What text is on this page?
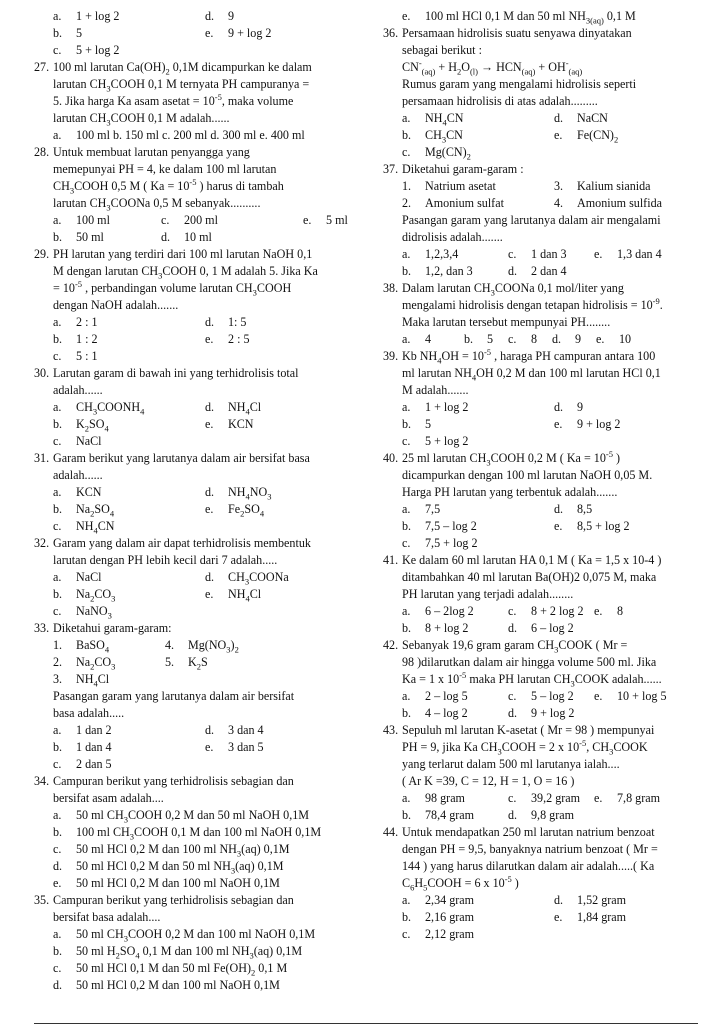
a.	1 + log 2	d.	9
b.	5	e.	9 + log 2
c.	5 + log 2
27. 100 ml larutan $Ca(OH)_2$ 0,1M dicampurkan ke dalam
larutan $CH_3COOH$ 0,1 M ternyata PH campuranya =
5. Jika harga Ka asam asetat = $10^{-5}$, maka volume
larutan $CH_3COOH$ 0,1 M adalah......
a.	100 ml b. 150 ml c. 200 ml d. 300 ml e. 400 ml
28. Untuk membuat larutan penyangga yang
memepunyai PH = 4, ke dalam 100 ml larutan
$CH_3COOH$ 0,5 M ( $Ka = 10^{-5}$ ) harus di tambah
larutan $CH_3COONa$ 0,5 M sebanyak..........
a.	100 ml	c.	200 ml	e.	5 ml
b.	50 ml	d.	10 ml
29. PH larutan yang terdiri dari 100 ml larutan NaOH 0,1
M dengan larutan $CH_3COOH$ 0, 1 M adalah 5. Jika Ka
= $10^{-5}$ , perbandingan volume larutan $CH_3COOH$
dengan NaOH adalah.......
a.	2 : 1	d.	1: 5
b.	1 : 2	e.	2 : 5
c.	5 : 1
30. Larutan garam di bawah ini yang terhidrolisis total
adalah......
a.	$CH_3COONH_4$	d.	$NH_4Cl$
b.	$K_2SO_4$	e.	KCN
c.	NaCl
31. Garam berikut yang larutanya dalam air bersifat basa
adalah......
a.	KCN	d.	$NH_4NO_3$
b.	$Na_2SO_4$	e.	$Fe_2SO_4$
c.	$NH_4CN$
32. Garam yang dalam air dapat terhidrolisis membentuk
larutan dengan PH lebih kecil dari 7 adalah.....
a.	NaCl	d.	$CH_3COONa$
b.	$Na_2CO_3$	e.	$NH_4Cl$
c.	NaNO$_3$
33. Diketahui garam-garam:
1.	BaSO$_4$	4.	$Mg(NO_3)_2$
2.	$Na_2CO_3$	5.	$K_2S$
3.	$NH_4Cl$
Pasangan garam yang larutanya dalam air bersifat
basa adalah.....
a.	1 dan 2	d.	3 dan 4
b.	1 dan 4	e.	3 dan 5
c.	2 dan 5
34. Campuran berikut yang terhidrolisis sebagian dan
bersifat asam adalah....
a.	50 ml $CH_3COOH$ 0,2 M dan 50 ml NaOH 0,1M
b.	100 ml $CH_3COOH$ 0,1 M dan 100 ml NaOH 0,1M
c.	50 ml HCl 0,2 M dan 100 ml $NH_3(aq)$ 0,1M
d.	50 ml HCl 0,2 M dan 50 ml $NH_3(aq)$ 0,1M
e.	50 ml HCl 0,2 M dan 100 ml NaOH 0,1M
35. Campuran berikut yang terhidrolisis sebagian dan
bersifat basa adalah....
a.	50 ml $CH_3COOH$ 0,2 M dan 100 ml NaOH 0,1M
b.	50 ml $H_2SO_4$ 0,1 M dan 100 ml $NH_3(aq)$ 0,1M
c.	50 ml HCl 0,1 M dan 50 ml $Fe(OH)_2$ 0,1 M
d.	50 ml HCl 0,2 M dan 100 ml NaOH 0,1M
e.	100 ml HCl 0,1 M dan 50 ml $NH_{3(aq)}$ 0,1 M
36. Persamaan hidrolisis suatu senyawa dinyatakan
sebagai berikut :
$CN^-_{(aq)} + H_2O_{(l)} \to HCN_{(aq)} + OH^-_{(aq)}$
Rumus garam yang mengalami hidrolisis seperti
persamaan hidrolisis di atas adalah.........
a.	$NH_4CN$	d.	NaCN
b.	$CH_3CN$	e.	$Fe(CN)_2$
c.	$Mg(CN)_2$
37. Diketahui garam-garam :
1.	Natrium asetat	3.	Kalium sianida
2.	Amonium sulfat	4.	Amonium sulfida
Pasangan garam yang larutanya dalam air mengalami
didrolisis adalah.......
a.	1,2,3,4	c.	1 dan 3 e.	1,3 dan 4
b.	1,2, dan 3	d.	2 dan 4
38. Dalam larutan $CH_3COONa$ 0,1 mol/liter yang
mengalami hidrolisis dengan tetapan hidrolisis = $10^{-9}$.
Maka larutan tersebut mempunyai PH........
a.	4	b.	5 c.	8 d.	9 e.	10
39. Kb $NH_4OH = 10^{-5}$ , haraga PH campuran antara 100
ml larutan $NH_4OH$ 0,2 M dan 100 ml larutan HCl 0,1
M adalah.......
a.	1 + log 2	d.	9
b.	5	e.	9 + log 2
c.	5 + log 2
40. 25 ml larutan $CH_3COOH$ 0,2 M ( $Ka = 10^{-5}$ )
dicampurkan dengan 100 ml larutan NaOH 0,05 M.
Harga PH larutan yang terbentuk adalah.......
a.	7,5	d.	8,5
b.	7,5 – log 2	e.	8,5 + log 2
c.	7,5 + log 2
41. Ke dalam 60 ml larutan HA 0,1 M ( Ka = 1,5 x 10-4 )
ditambahkan 40 ml larutan Ba(OH)2 0,075 M, maka
PH larutan yang terjadi adalah........
a.	6 – 2log 2	c.	8 + 2 log 2 e.	8
b.	8 + log 2	d.	6 – log 2
42. Sebanyak 19,6 gram garam $CH_3COOK$ ( Mr =
98 )dilarutkan dalam air hingga volume 500 ml. Jika
Ka = 1 x $10^{-5}$ maka PH larutan $CH_3COOK$ adalah......
a.	2 – log 5	c.	5 – log 2 e.	10 + log 5
b.	4 – log 2	d.	9 + log 2
43. Sepuluh ml larutan K-asetat ( Mr = 98 ) mempunyai
PH = 9, jika Ka $CH_3COOH = 2$ x $10^{-5}$, $CH_3COOK$
yang terlarut dalam 500 ml larutanya ialah....
( Ar K =39, C = 12, H = 1, O = 16 )
a.	98 gram	c.	39,2 gram e.	7,8 gram
b.	78,4 gram	d.	9,8 gram
44. Untuk mendapatkan 250 ml larutan natrium benzoat
dengan PH = 9,5, banyaknya natrium benzoat ( Mr =
144 ) yang harus dilarutkan dalam air adalah.....( Ka
$C_6H_5COOH = 6$ x $10^{-5}$ )
a.	2,34 gram	d.	1,52 gram
b.	2,16 gram	e.	1,84 gram
c.	2,12 gram
